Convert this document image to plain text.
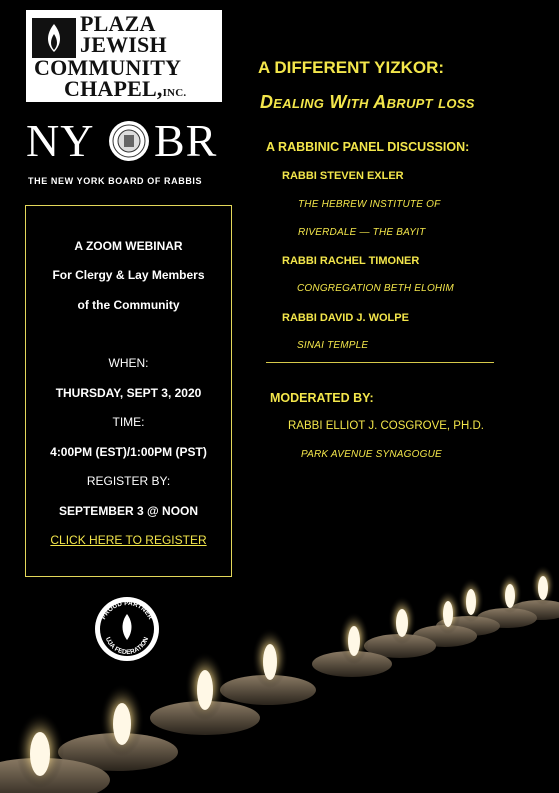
PLAZA
JEWISH
COMMUNITY
CHAPEL,INC.
NY BR
THE NEW YORK BOARD OF RABBIS
A ZOOM WEBINAR
For Clergy & Lay Members
of the Community
WHEN:
THURSDAY, SEPT 3, 2020
TIME:
4:00PM (EST)/1:00PM (PST)
REGISTER BY:
SEPTEMBER 3 @ NOON
CLICK HERE TO REGISTER
A DIFFERENT YIZKOR:
Dealing With Abrupt loss
A RABBINIC PANEL DISCUSSION:
RABBI STEVEN EXLER
THE HEBREW INSTITUTE OF
RIVERDALE — THE BAYIT
RABBI RACHEL TIMONER
CONGREGATION BETH ELOHIM
RABBI DAVID J. WOLPE
SINAI TEMPLE
MODERATED BY:
RABBI ELLIOT J. COSGROVE, PH.D.
PARK AVENUE SYNAGOGUE
PROUD PARTNER
UJA FEDERATION
